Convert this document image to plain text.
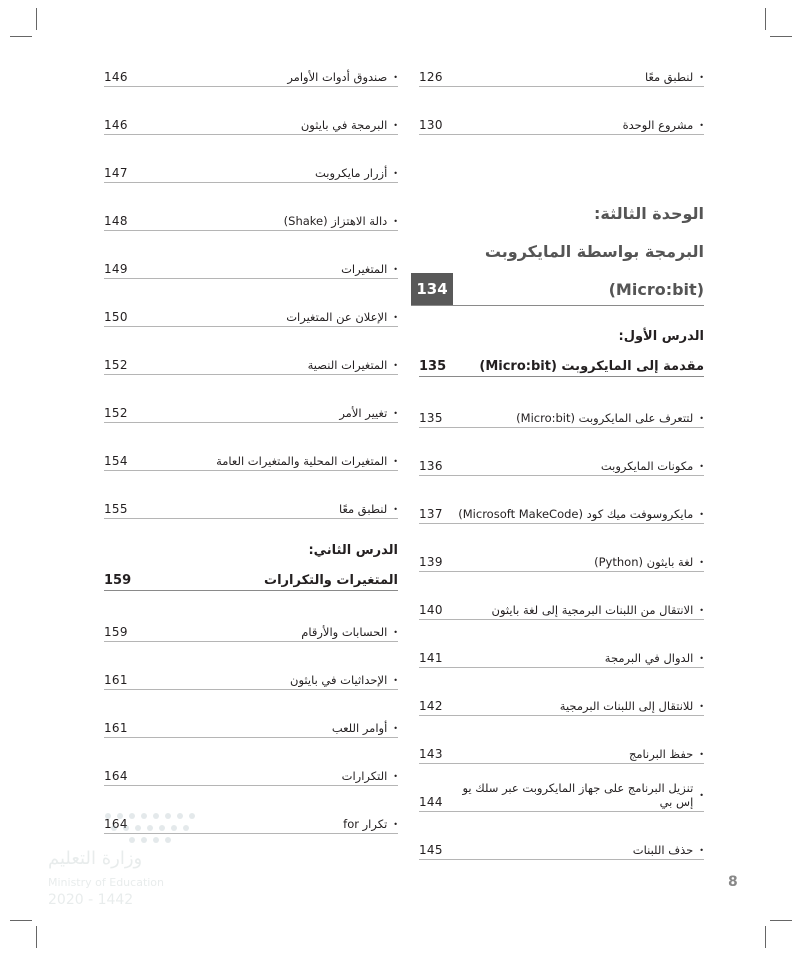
•
لنطبق معًا
126
•
مشروع الوحدة
130
الوحدة الثالثة:
البرمجة بواسطة المايكروبت
(Micro:bit)
134
الدرس الأول:
مقدمة إلى المايكروبت (Micro:bit)
135
•
لتتعرف على المايكروبت (Micro:bit)
135
•
مكونات المايكروبت
136
•
مايكروسوفت ميك كود (Microsoft MakeCode)
137
•
لغة بايثون (Python)
139
•
الانتقال من اللبنات البرمجية إلى لغة بايثون
140
•
الدوال في البرمجة
141
•
للانتقال إلى اللبنات البرمجية
142
•
حفظ البرنامج
143
•
تنزيل البرنامج على جهاز المايكروبت عبر سلك يو إس بي
144
•
حذف اللبنات
145
•
صندوق أدوات الأوامر
146
•
البرمجة في بايثون
146
•
أزرار مايكروبت
147
•
دالة الاهتزاز (Shake)
148
•
المتغيرات
149
•
الإعلان عن المتغيرات
150
•
المتغيرات النصية
152
•
تغيير الأمر
152
•
المتغيرات المحلية والمتغيرات العامة
154
•
لنطبق معًا
155
الدرس الثاني:
المتغيرات والتكرارات
159
•
الحسابات والأرقام
159
•
الإحداثيات في بايثون
161
•
أوامر اللعب
161
•
التكرارات
164
•
تكرار for
164
وزارة التعليم
Ministry of Education
2020 - 1442
8
